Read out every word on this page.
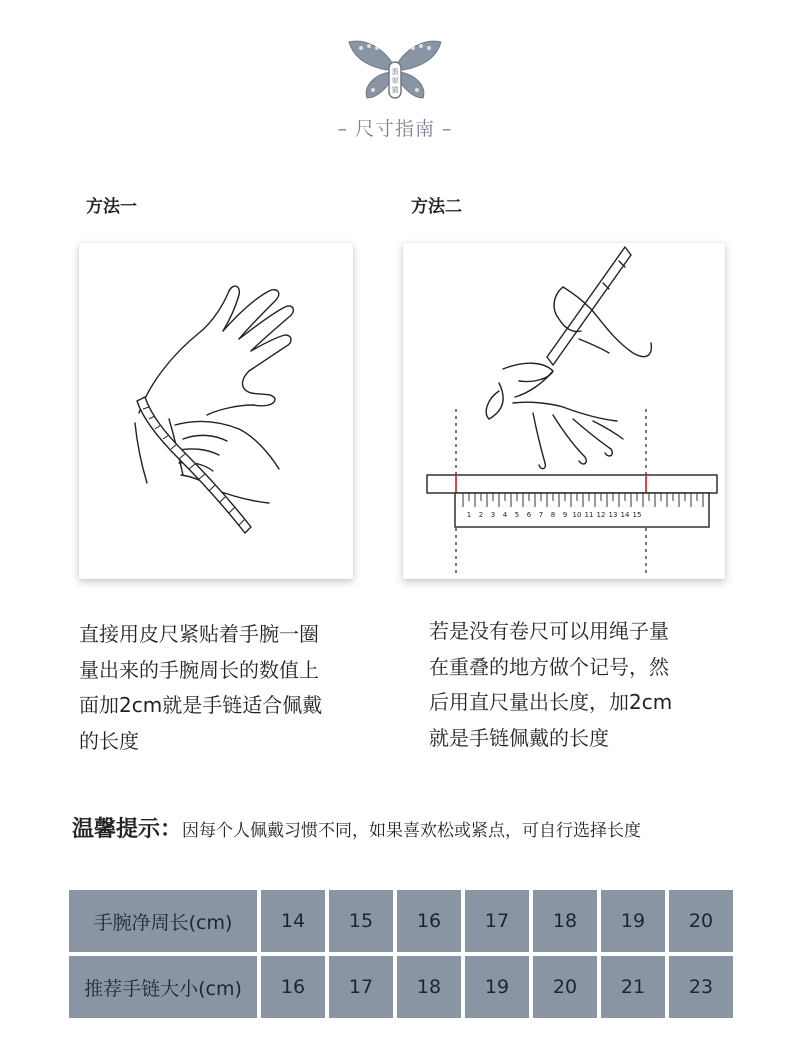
翡
翠
猫
– 尺寸指南 –
方法一	方法二
1 2 3 4 5 6 7 8 9 10 11 12 13 14 15
直接用皮尺紧贴着手腕一圈
量出来的手腕周长的数值上
面加2cm就是手链适合佩戴
的长度
若是没有卷尺可以用绳子量
在重叠的地方做个记号，然
后用直尺量出长度，加2cm
就是手链佩戴的长度
温馨提示：因每个人佩戴习惯不同，如果喜欢松或紧点，可自行选择长度
手腕净周长(cm)	14	15	16	17	18	19	20
推荐手链大小(cm)	16	17	18	19	20	21	23
